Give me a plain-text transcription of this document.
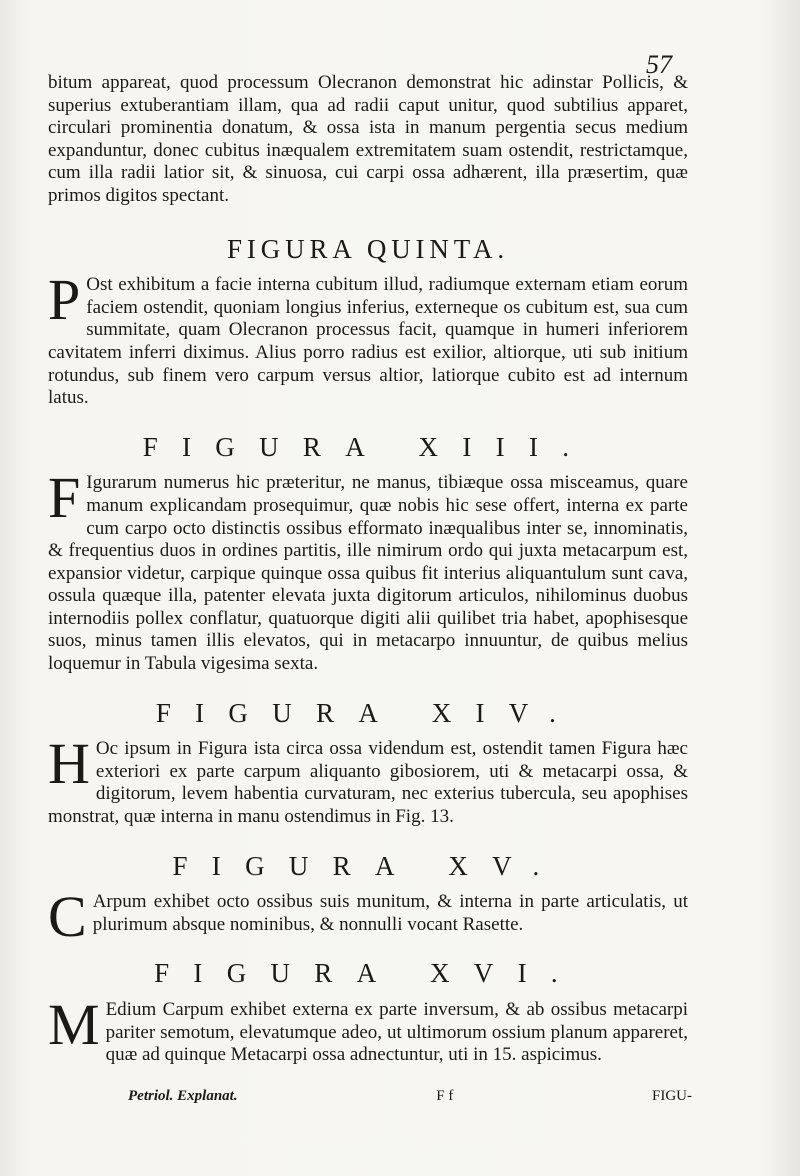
57

bitum appareat, quod processum Olecranon demonstrat hic adinstar Pollicis, & superius extuberantiam illam, qua ad radii caput unitur, quod subtilius apparet, circulari prominentia donatum, & ossa ista in manum pergentia secus medium expanduntur, donec cubitus inæqualem extremitatem suam ostendit, restrictamque, cum illa radii latior sit, & sinuosa, cui carpi ossa adhærent, illa præsertim, quæ primos digitos spectant.

FIGURA QUINTA.

P Ost exhibitum a facie interna cubitum illud, radiumque externam etiam eorum faciem ostendit, quoniam longius inferius, externeque os cubitum est, sua cum summitate, quam Olecranon processus facit, quamque in humeri inferiorem cavitatem inferri diximus. Alius porro radius est exilior, altiorque, uti sub initium rotundus, sub finem vero carpum versus altior, latiorque cubito est ad internum latus.

FIGURA XIII.

F Igurarum numerus hic præteritur, ne manus, tibiæque ossa misceamus, quare manum explicandam prosequimur, quæ nobis hic sese offert, interna ex parte cum carpo octo distinctis ossibus efformato inæqualibus inter se, innominatis, & frequentius duos in ordines partitis, ille nimirum ordo qui juxta metacarpum est, expansior videtur, carpique quinque ossa quibus fit interius aliquantulum sunt cava, ossula quæque illa, patenter elevata juxta digitorum articulos, nihilominus duobus internodiis pollex conflatur, quatuorque digiti alii quilibet tria habet, apophisesque suos, minus tamen illis elevatos, qui in metacarpo innuuntur, de quibus melius loquemur in Tabula vigesima sexta.

FIGURA XIV.

H Oc ipsum in Figura ista circa ossa videndum est, ostendit tamen Figura hæc exteriori ex parte carpum aliquanto gibosiorem, uti & metacarpi ossa, & digitorum, levem habentia curvaturam, nec exterius tubercula, seu apophises monstrat, quæ interna in manu ostendimus in Fig. 13.

FIGURA XV.

C Arpum exhibet octo ossibus suis munitum, & interna in parte articulatis, ut plurimum absque nominibus, & nonnulli vocant Rasette.

FIGURA XVI.

M Edium Carpum exhibet externa ex parte inversum, & ab ossibus metacarpi pariter semotum, elevatumque adeo, ut ultimorum ossium planum appareret, quæ ad quinque Metacarpi ossa adnectuntur, uti in 15. aspicimus.

Petriol. Explanat.	F f	FIGU-
